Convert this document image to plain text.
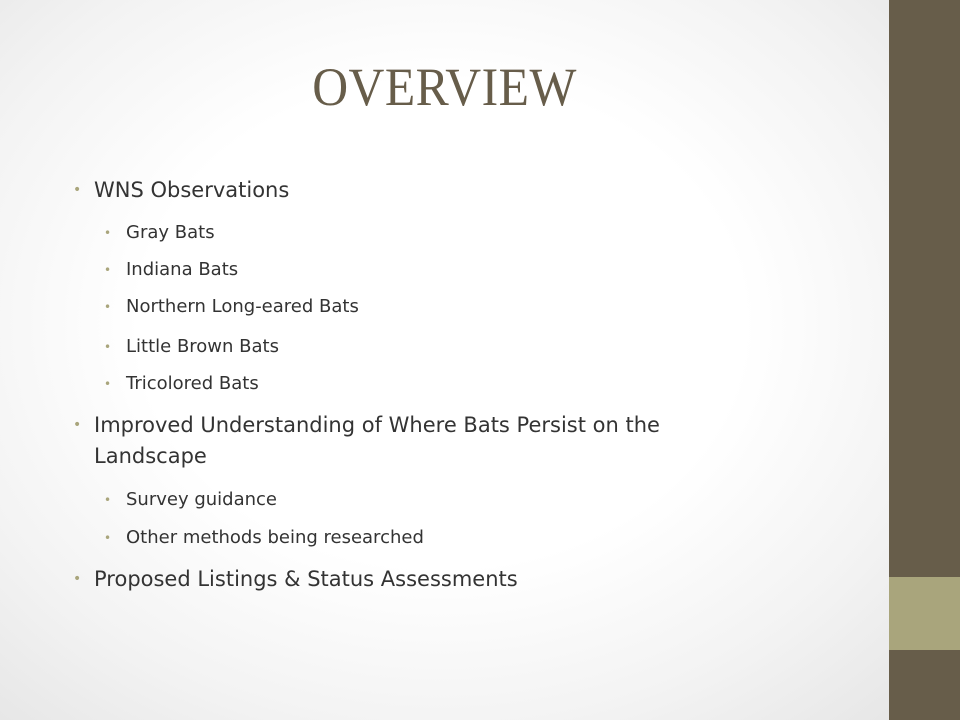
OVERVIEW
• WNS Observations
• Gray Bats
• Indiana Bats
• Northern Long-eared Bats
• Little Brown Bats
• Tricolored Bats
• Improved Understanding of Where Bats Persist on the Landscape
• Survey guidance
• Other methods being researched
• Proposed Listings & Status Assessments
